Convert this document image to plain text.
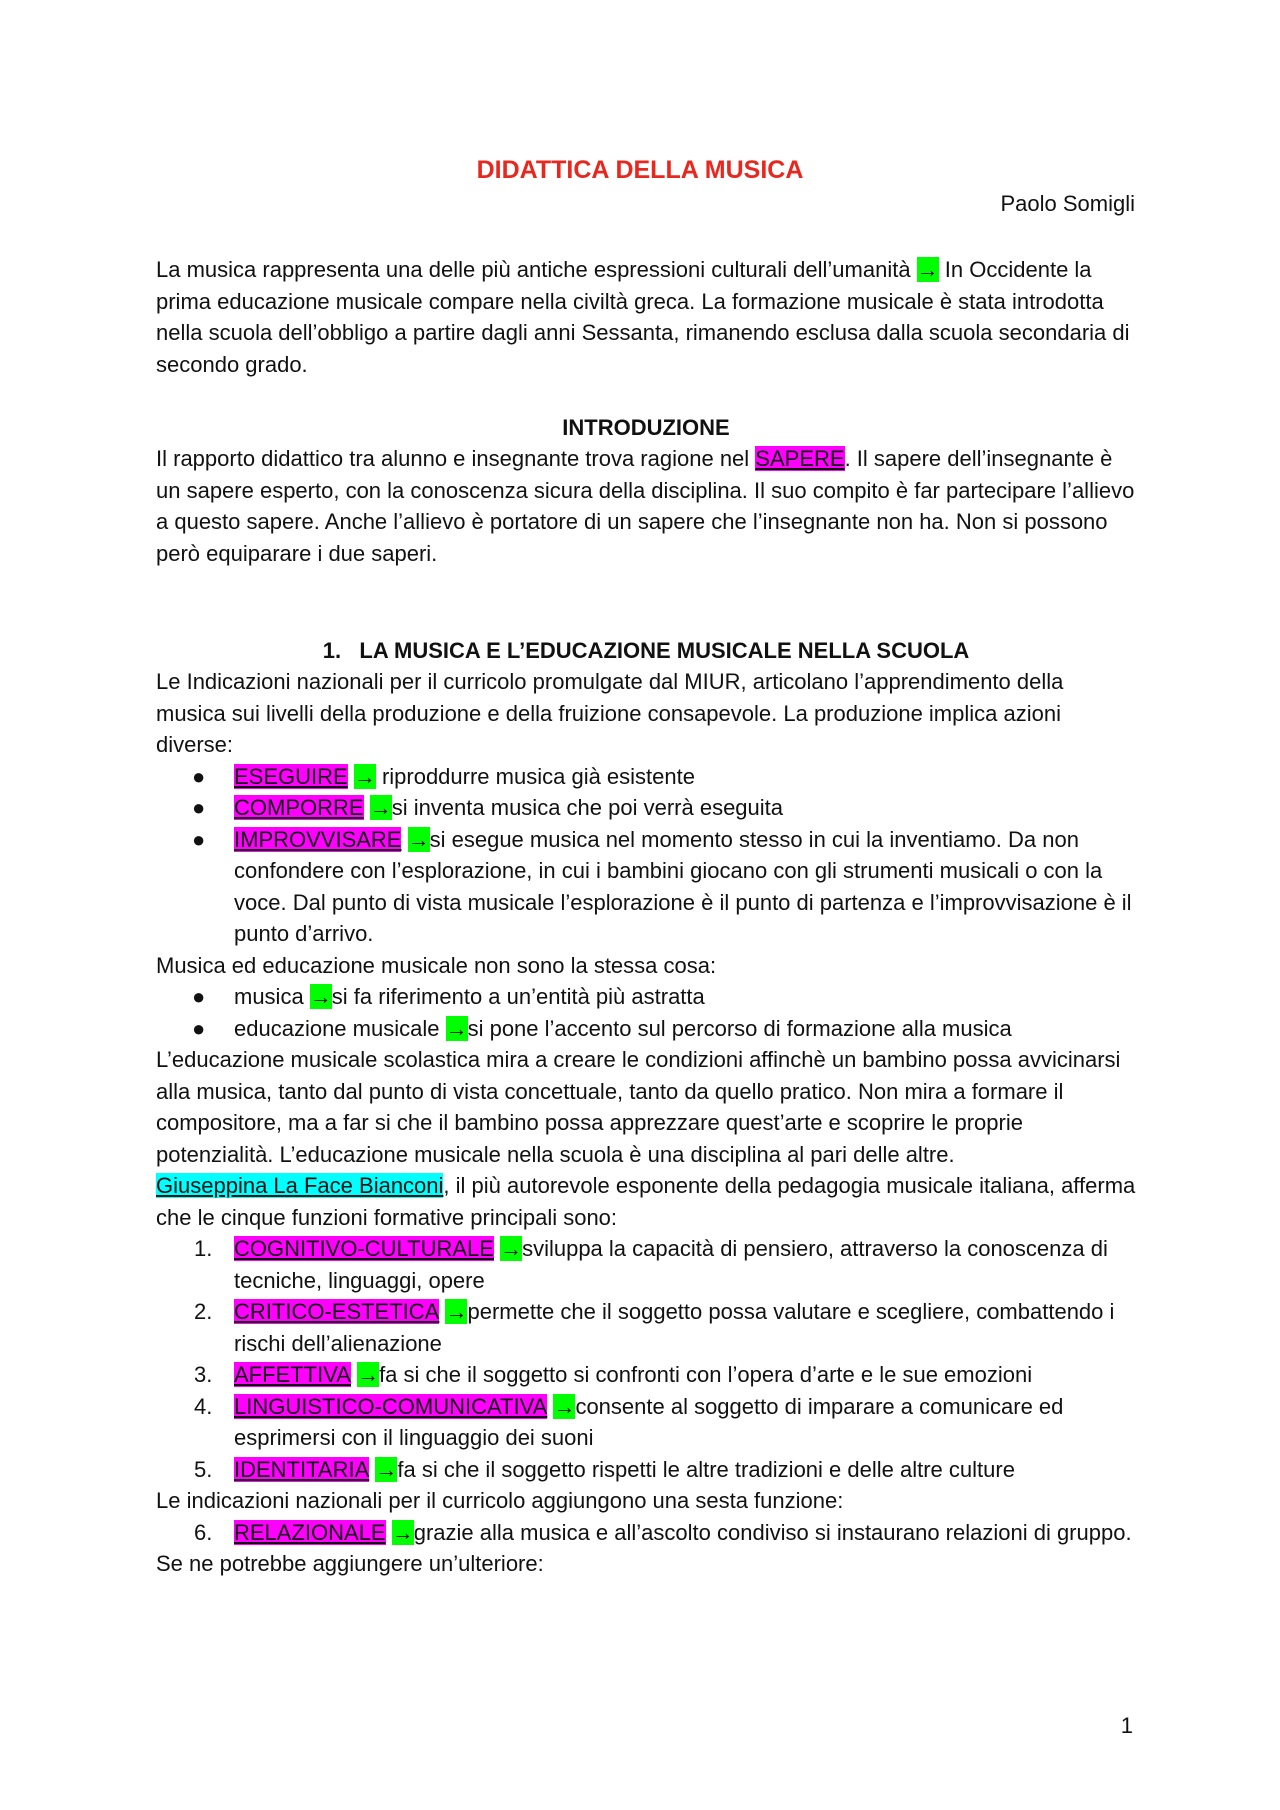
DIDATTICA DELLA MUSICA
Paolo Somigli
La musica rappresenta una delle più antiche espressioni culturali dell’umanità → In Occidente la prima educazione musicale compare nella civiltà greca. La formazione musicale è stata introdotta nella scuola dell’obbligo a partire dagli anni Sessanta, rimanendo esclusa dalla scuola secondaria di secondo grado.
INTRODUZIONE
Il rapporto didattico tra alunno e insegnante trova ragione nel SAPERE. Il sapere dell’insegnante è un sapere esperto, con la conoscenza sicura della disciplina. Il suo compito è far partecipare l’allievo a questo sapere. Anche l’allievo è portatore di un sapere che l’insegnante non ha. Non si possono però equiparare i due saperi.
1. LA MUSICA E L’EDUCAZIONE MUSICALE NELLA SCUOLA
Le Indicazioni nazionali per il curricolo promulgate dal MIUR, articolano l’apprendimento della musica sui livelli della produzione e della fruizione consapevole. La produzione implica azioni diverse:
●	ESEGUIRE → riproddurre musica già esistente
●	COMPORRE →si inventa musica che poi verrà eseguita
●	IMPROVVISARE →si esegue musica nel momento stesso in cui la inventiamo. Da non confondere con l’esplorazione, in cui i bambini giocano con gli strumenti musicali o con la voce. Dal punto di vista musicale l’esplorazione è il punto di partenza e l’improvvisazione è il punto d’arrivo.
Musica ed educazione musicale non sono la stessa cosa:
●	musica →si fa riferimento a un’entità più astratta
●	educazione musicale →si pone l’accento sul percorso di formazione alla musica
L’educazione musicale scolastica mira a creare le condizioni affinchè un bambino possa avvicinarsi alla musica, tanto dal punto di vista concettuale, tanto da quello pratico. Non mira a formare il compositore, ma a far si che il bambino possa apprezzare quest’arte e scoprire le proprie potenzialità. L’educazione musicale nella scuola è una disciplina al pari delle altre.
Giuseppina La Face Bianconi, il più autorevole esponente della pedagogia musicale italiana, afferma che le cinque funzioni formative principali sono:
1. COGNITIVO-CULTURALE →sviluppa la capacità di pensiero, attraverso la conoscenza di tecniche, linguaggi, opere
2. CRITICO-ESTETICA →permette che il soggetto possa valutare e scegliere, combattendo i rischi dell’alienazione
3. AFFETTIVA →fa si che il soggetto si confronti con l’opera d’arte e le sue emozioni
4. LINGUISTICO-COMUNICATIVA →consente al soggetto di imparare a comunicare ed esprimersi con il linguaggio dei suoni
5. IDENTITARIA →fa si che il soggetto rispetti le altre tradizioni e delle altre culture
Le indicazioni nazionali per il curricolo aggiungono una sesta funzione:
6. RELAZIONALE →grazie alla musica e all’ascolto condiviso si instaurano relazioni di gruppo.
Se ne potrebbe aggiungere un’ulteriore:
1
